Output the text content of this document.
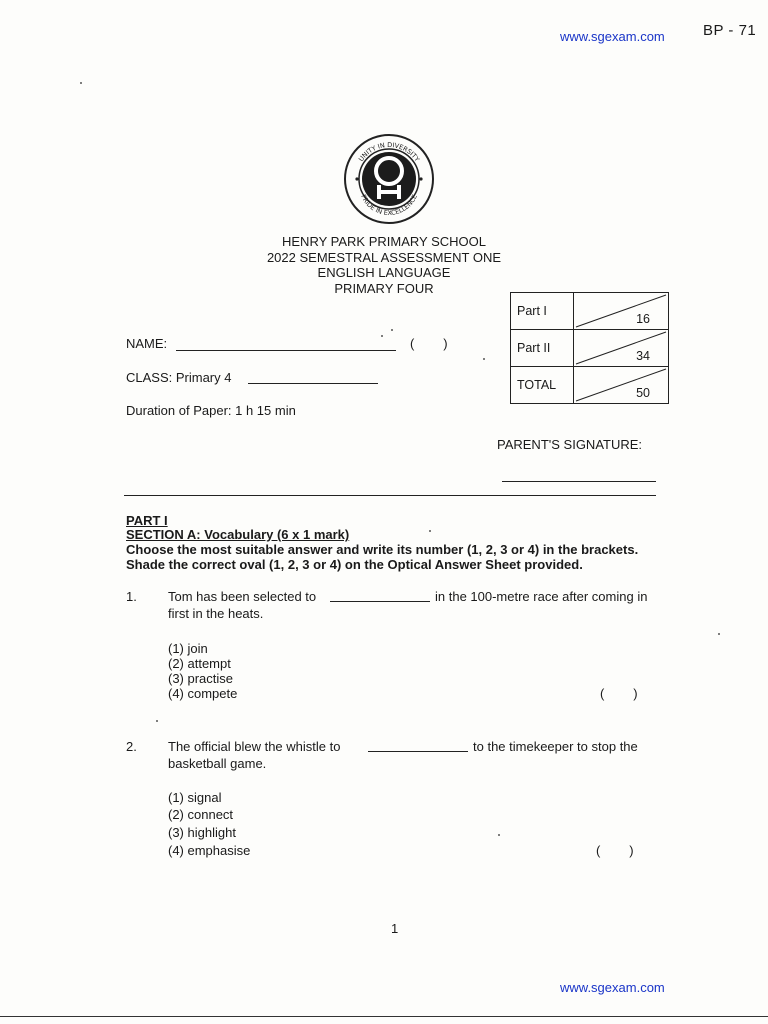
www.sgexam.com	BP - 71
UNITY IN DIVERSITY
PRIDE IN EXCELLENCE
HENRY PARK PRIMARY SCHOOL
2022 SEMESTRAL ASSESSMENT ONE
ENGLISH LANGUAGE
PRIMARY FOUR
NAME:	(        )
CLASS: Primary 4
Duration of Paper: 1 h 15 min
Part I	16

Part II	34

TOTAL	50
PARENT'S SIGNATURE:
PART I
SECTION A: Vocabulary (6 x 1 mark)
Choose the most suitable answer and write its number (1, 2, 3 or 4) in the brackets.
Shade the correct oval (1, 2, 3 or 4) on the Optical Answer Sheet provided.
1. Tom has been selected to	in the 100-metre race after coming in
first in the heats.
(1) join
(2) attempt
(3) practise
(4) compete	(        )
2. The official blew the whistle to	to the timekeeper to stop the
basketball game.
(1) signal
(2) connect
(3) highlight
(4) emphasise	(        )
1
www.sgexam.com
